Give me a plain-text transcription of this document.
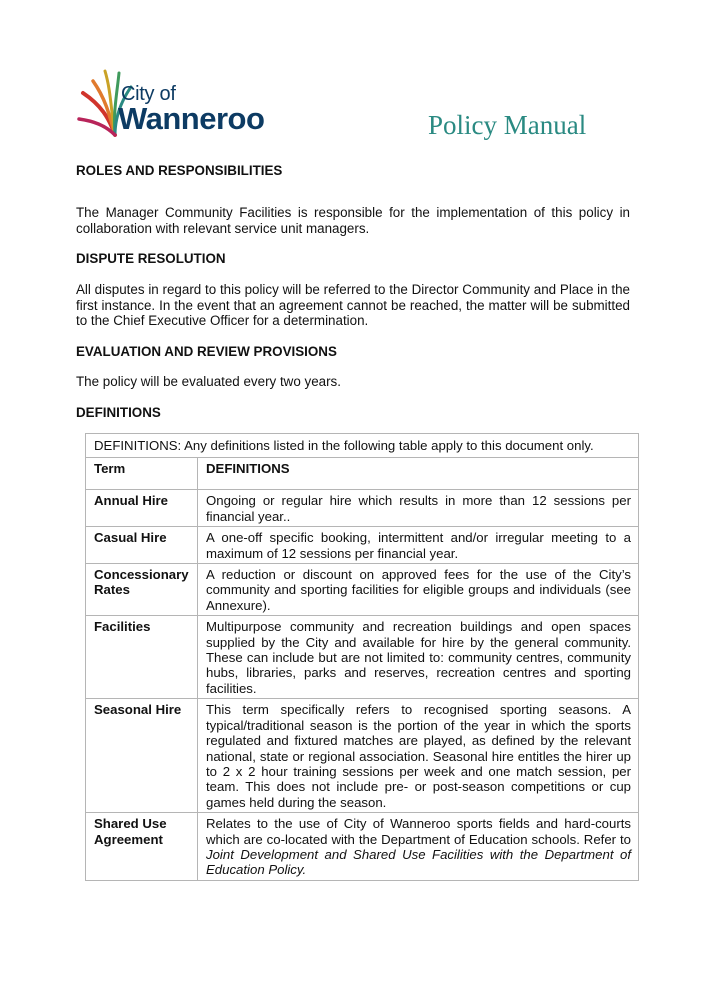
City of
Wanneroo	Policy Manual
ROLES AND RESPONSIBILITIES

The Manager Community Facilities is responsible for the implementation of this policy in collaboration with relevant service unit managers.

DISPUTE RESOLUTION

All disputes in regard to this policy will be referred to the Director Community and Place in the first instance. In the event that an agreement cannot be reached, the matter will be submitted to the Chief Executive Officer for a determination.

EVALUATION AND REVIEW PROVISIONS

The policy will be evaluated every two years.

DEFINITIONS
DEFINITIONS: Any definitions listed in the following table apply to this document only.	
Term	DEFINITIONS
Annual Hire	Ongoing or regular hire which results in more than 12 sessions per financial year..
Casual Hire	A one-off specific booking, intermittent and/or irregular meeting to a maximum of 12 sessions per financial year.
Concessionary Rates	A reduction or discount on approved fees for the use of the City’s community and sporting facilities for eligible groups and individuals (see Annexure).
Facilities	Multipurpose community and recreation buildings and open spaces supplied by the City and available for hire by the general community. These can include but are not limited to: community centres, community hubs, libraries, parks and reserves, recreation centres and sporting facilities.
Seasonal Hire	This term specifically refers to recognised sporting seasons. A typical/traditional season is the portion of the year in which the sports regulated and fixtured matches are played, as defined by the relevant national, state or regional association. Seasonal hire entitles the hirer up to 2 x 2 hour training sessions per week and one match session, per team. This does not include pre- or post-season competitions or cup games held during the season.
Shared Use Agreement	Relates to the use of City of Wanneroo sports fields and hard-courts which are co-located with the Department of Education schools. Refer to Joint Development and Shared Use Facilities with the Department of Education Policy.
